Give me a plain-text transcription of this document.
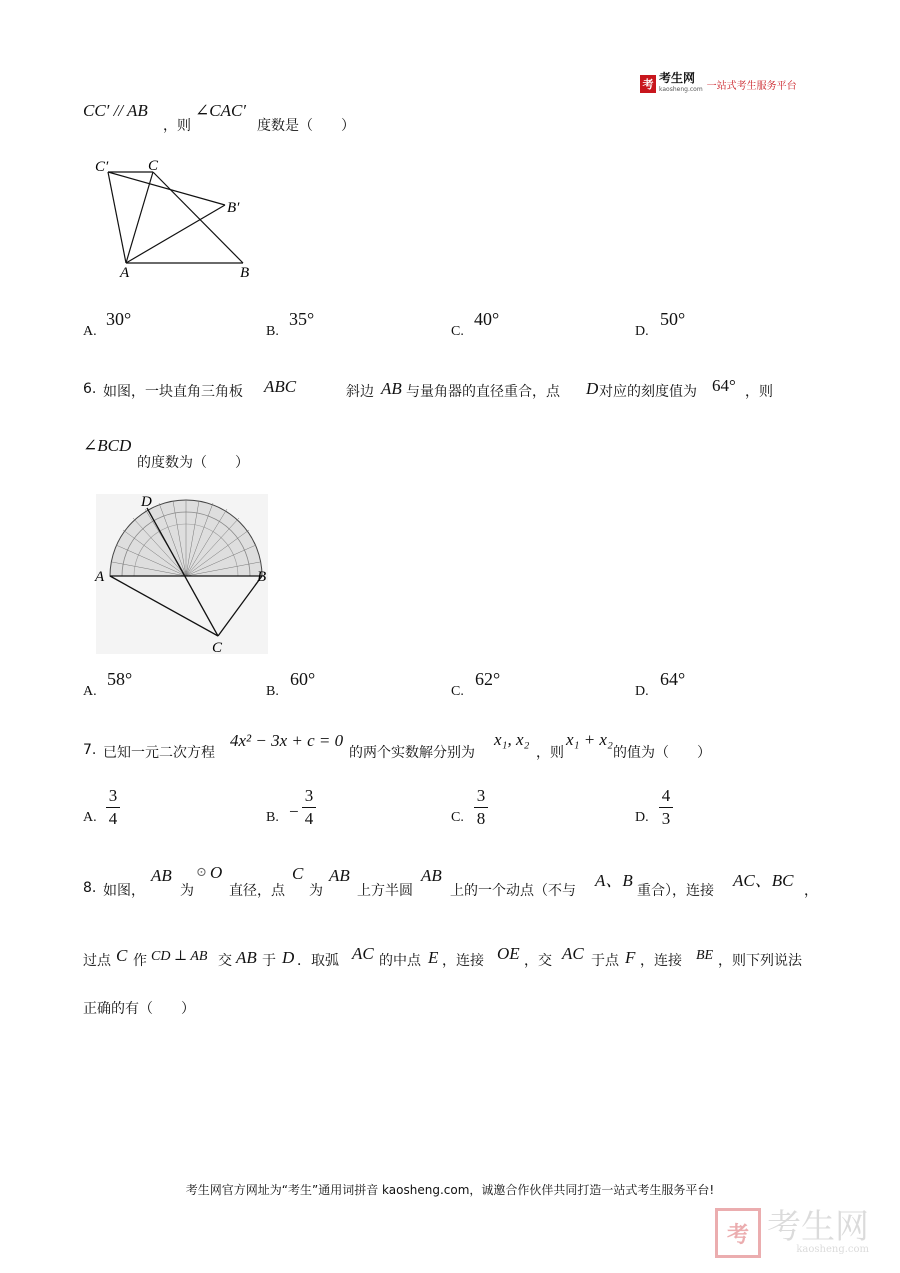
考 考生网
kaosheng.com 一站式考生服务平台
CC′ // AB
，则
∠CAC′
度数是（　　）
C′	C
B′
A	B
A.
30°
B.
35°
C.
40°
D.
50°
6. 如图，一块直角三角板 ABC	斜边 AB 与量角器的直径重合，点 D 对应的刻度值为 64° ，则
∠BCD
的度数为（　　）
D
A	B
C
A.
58°
B.
60°
C.
62°
D.
64°
7. 已知一元二次方程
4x² − 3x + c = 0
的两个实数解分别为
x₁, x₂
，则
x₁ + x₂
的值为（　　）
A.
3
4	B. −
3
4	C.
3
8	D.
4
3
8. 如图，
AB
为
⊙ O
直径，点
C
为
AB
上方半圆
AB
上的一个动点（不与
A、B
重合），连接
AC、BC
，
过点 C 作 CD ⊥ AB 交 AB 于 D ．取弧 AC 的中点 E ，连接 OE ，交 AC 于点 F ，连接 BE ，则下列说法
正确的有（　　）
考生网官方网址为“考生”通用词拼音 kaosheng.com，诚邀合作伙伴共同打造一站式考生服务平台!
考 考生网
kaosheng.com
